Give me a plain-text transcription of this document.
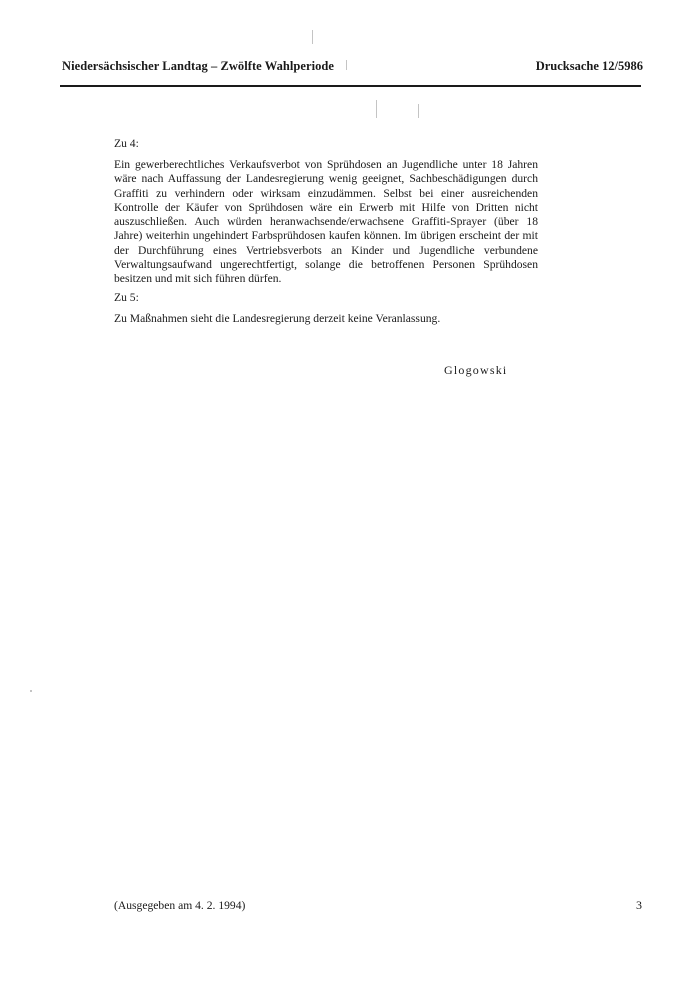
Niedersächsischer Landtag – Zwölfte Wahlperiode	Drucksache 12/5986
Zu 4:
Ein gewerberechtliches Verkaufsverbot von Sprühdosen an Jugendliche unter 18 Jahren wäre nach Auffassung der Landesregierung wenig geeignet, Sachbeschädigungen durch Graffiti zu verhindern oder wirksam einzudämmen. Selbst bei einer ausreichenden Kontrolle der Käufer von Sprühdosen wäre ein Erwerb mit Hilfe von Dritten nicht auszuschließen. Auch würden heranwachsende/erwachsene Graffiti-Sprayer (über 18 Jahre) weiterhin ungehindert Farbsprühdosen kaufen können. Im übrigen erscheint der mit der Durchführung eines Vertriebsverbots an Kinder und Jugendliche verbundene Verwaltungsaufwand ungerechtfertigt, solange die betroffenen Personen Sprühdosen besitzen und mit sich führen dürfen.
Zu 5:
Zu Maßnahmen sieht die Landesregierung derzeit keine Veranlassung.
Glogowski
(Ausgegeben am 4. 2. 1994)	3
